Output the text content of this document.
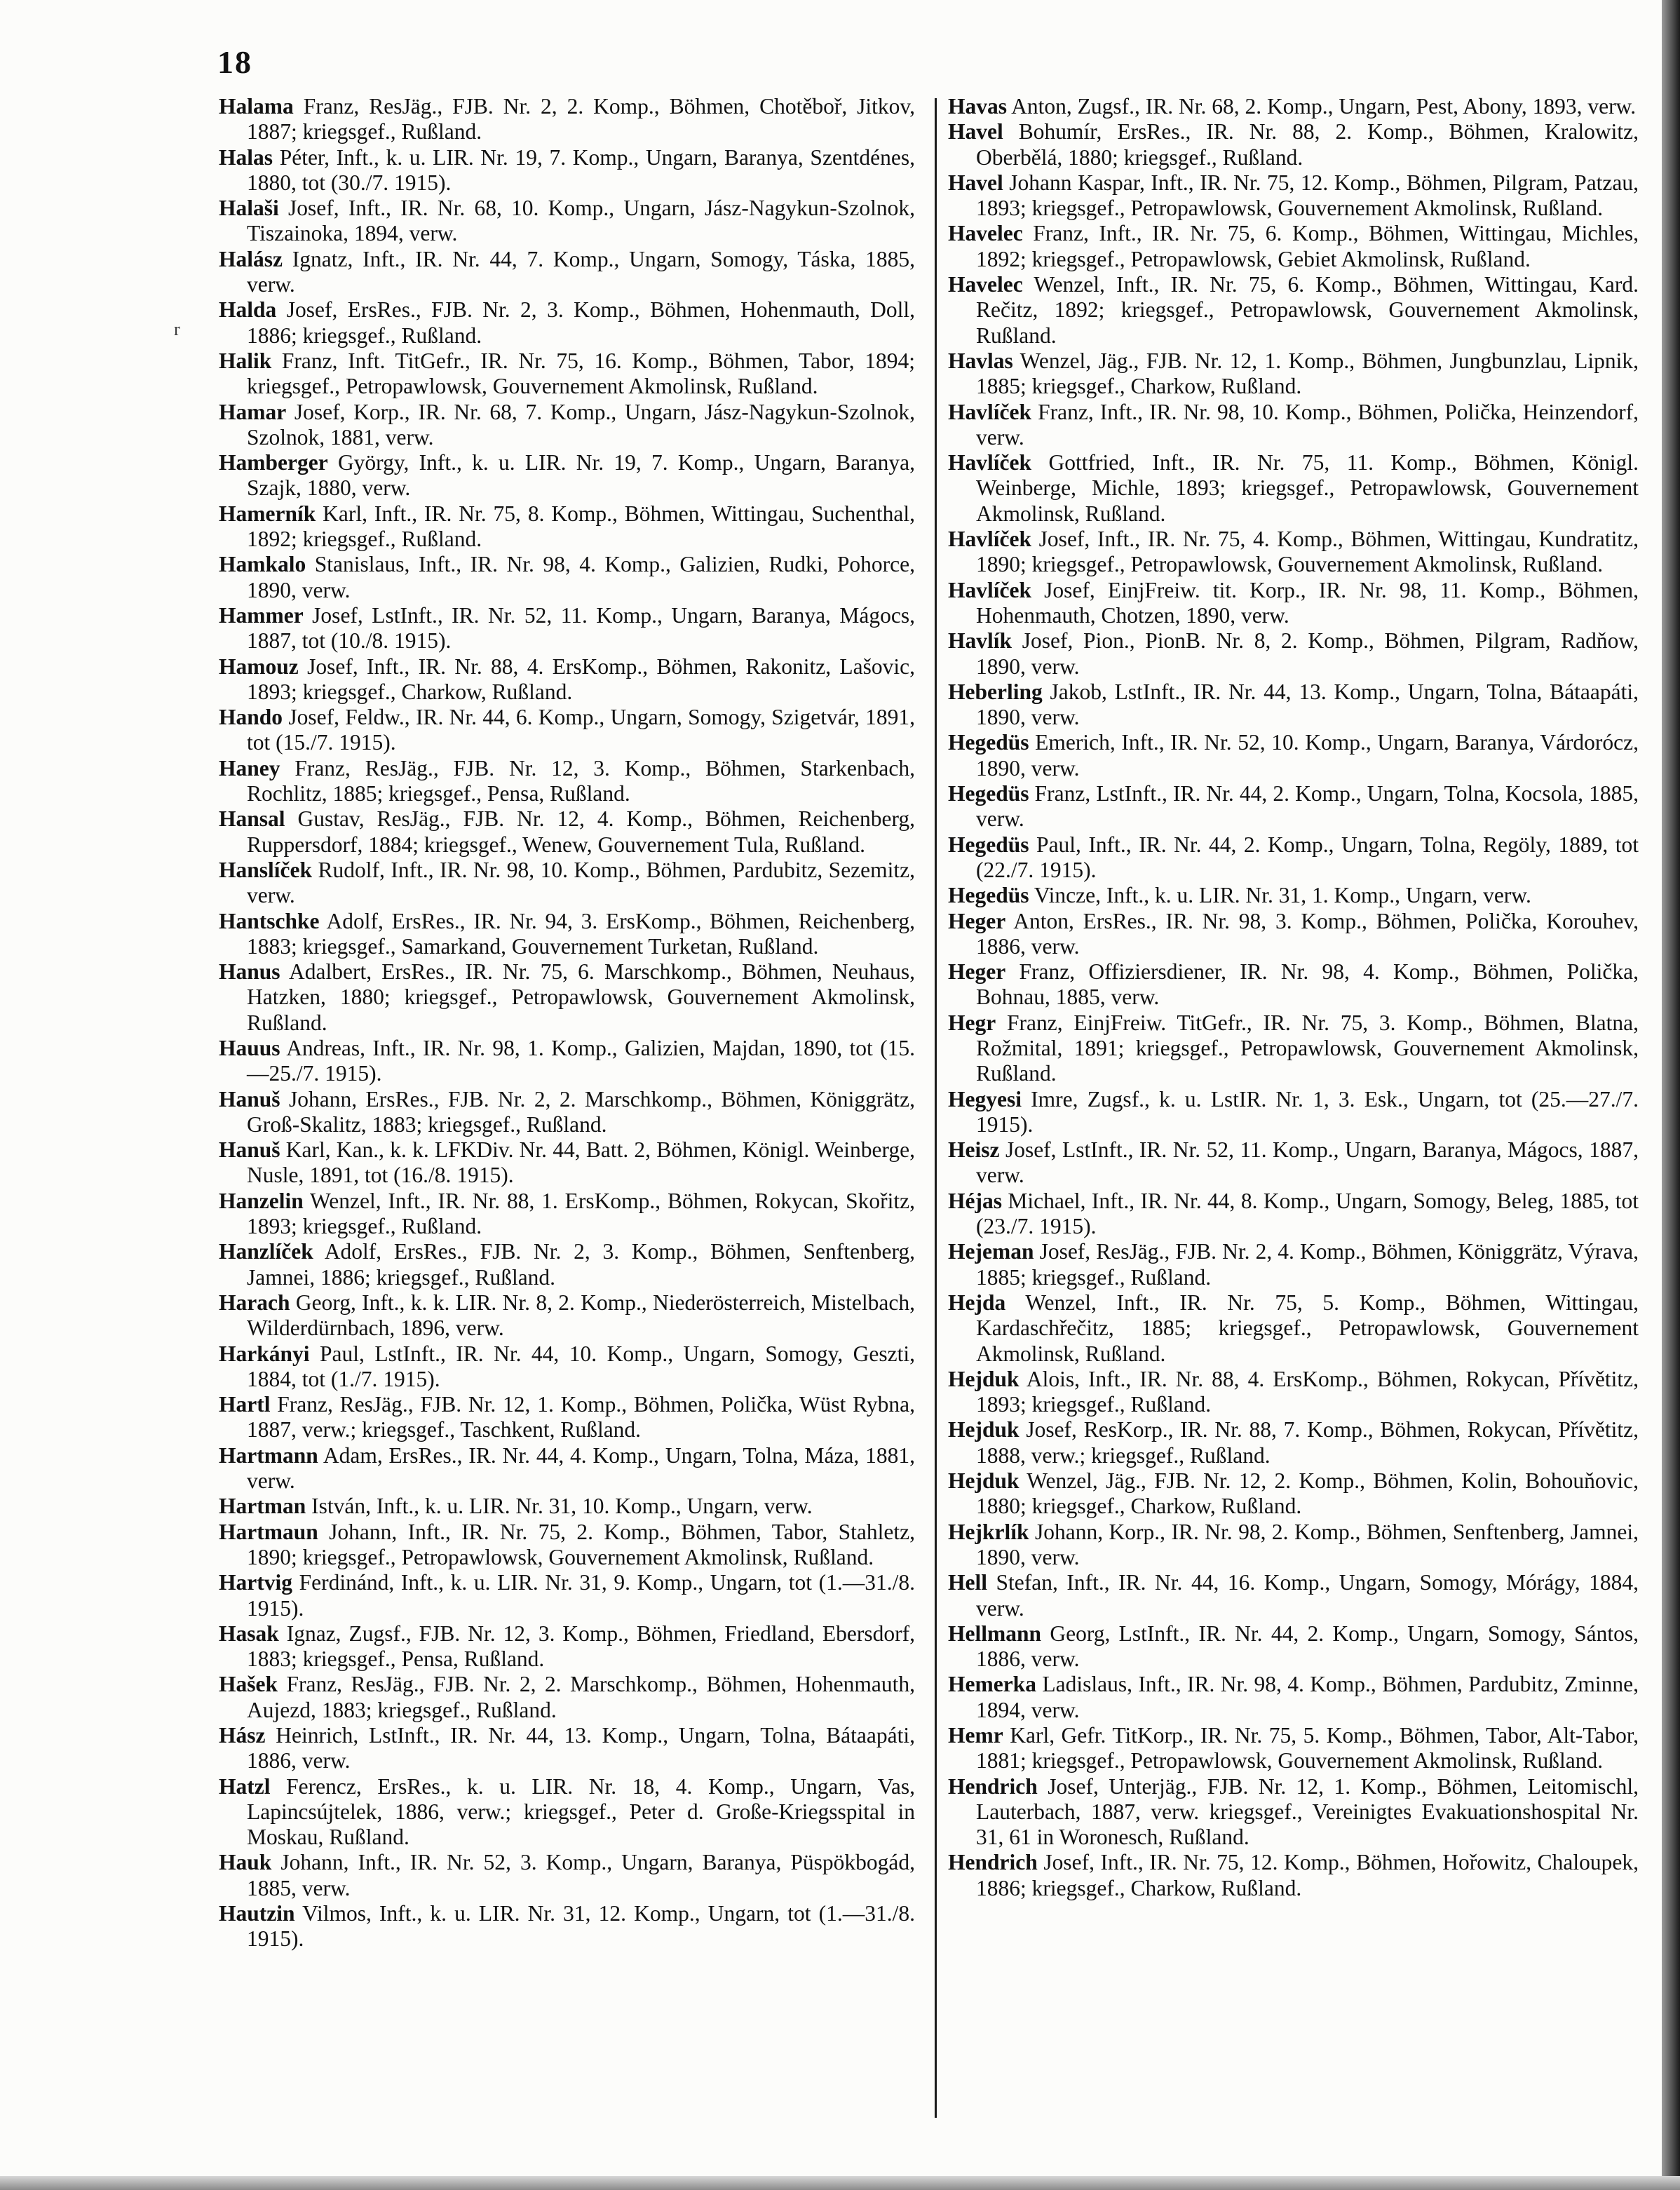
18
r

Halama Franz, ResJäg., FJB. Nr. 2, 2. Komp., Böhmen, Chotěboř, Jitkov, 1887; kriegsgef., Rußland.

Halas Péter, Inft., k. u. LIR. Nr. 19, 7. Komp., Ungarn, Baranya, Szentdénes, 1880, tot (30./7. 1915).

Halaši Josef, Inft., IR. Nr. 68, 10. Komp., Ungarn, Jász-Nagykun-Szolnok, Tiszainoka, 1894, verw.

Halász Ignatz, Inft., IR. Nr. 44, 7. Komp., Ungarn, Somogy, Táska, 1885, verw.

Halda Josef, ErsRes., FJB. Nr. 2, 3. Komp., Böhmen, Hohenmauth, Doll, 1886; kriegsgef., Rußland.

Halik Franz, Inft. TitGefr., IR. Nr. 75, 16. Komp., Böhmen, Tabor, 1894; kriegsgef., Petropawlowsk, Gouvernement Akmolinsk, Rußland.

Hamar Josef, Korp., IR. Nr. 68, 7. Komp., Ungarn, Jász-Nagykun-Szolnok, Szolnok, 1881, verw.

Hamberger György, Inft., k. u. LIR. Nr. 19, 7. Komp., Ungarn, Baranya, Szajk, 1880, verw.

Hamerník Karl, Inft., IR. Nr. 75, 8. Komp., Böhmen, Wittingau, Suchenthal, 1892; kriegsgef., Rußland.

Hamkalo Stanislaus, Inft., IR. Nr. 98, 4. Komp., Galizien, Rudki, Pohorce, 1890, verw.

Hammer Josef, LstInft., IR. Nr. 52, 11. Komp., Ungarn, Baranya, Mágocs, 1887, tot (10./8. 1915).

Hamouz Josef, Inft., IR. Nr. 88, 4. ErsKomp., Böhmen, Rakonitz, Lašovic, 1893; kriegsgef., Charkow, Rußland.

Hando Josef, Feldw., IR. Nr. 44, 6. Komp., Ungarn, Somogy, Szigetvár, 1891, tot (15./7. 1915).

Haney Franz, ResJäg., FJB. Nr. 12, 3. Komp., Böhmen, Starkenbach, Rochlitz, 1885; kriegsgef., Pensa, Rußland.

Hansal Gustav, ResJäg., FJB. Nr. 12, 4. Komp., Böhmen, Reichenberg, Ruppersdorf, 1884; kriegsgef., Wenew, Gouvernement Tula, Rußland.

Hanslíček Rudolf, Inft., IR. Nr. 98, 10. Komp., Böhmen, Pardubitz, Sezemitz, verw.

Hantschke Adolf, ErsRes., IR. Nr. 94, 3. ErsKomp., Böhmen, Reichenberg, 1883; kriegsgef., Samarkand, Gouvernement Turketan, Rußland.

Hanus Adalbert, ErsRes., IR. Nr. 75, 6. Marschkomp., Böhmen, Neuhaus, Hatzken, 1880; kriegsgef., Petropawlowsk, Gouvernement Akmolinsk, Rußland.

Hauus Andreas, Inft., IR. Nr. 98, 1. Komp., Galizien, Majdan, 1890, tot (15.—25./7. 1915).

Hanuš Johann, ErsRes., FJB. Nr. 2, 2. Marschkomp., Böhmen, Königgrätz, Groß-Skalitz, 1883; kriegsgef., Rußland.

Hanuš Karl, Kan., k. k. LFKDiv. Nr. 44, Batt. 2, Böhmen, Königl. Weinberge, Nusle, 1891, tot (16./8. 1915).

Hanzelin Wenzel, Inft., IR. Nr. 88, 1. ErsKomp., Böhmen, Rokycan, Skořitz, 1893; kriegsgef., Rußland.

Hanzlíček Adolf, ErsRes., FJB. Nr. 2, 3. Komp., Böhmen, Senftenberg, Jamnei, 1886; kriegsgef., Rußland.

Harach Georg, Inft., k. k. LIR. Nr. 8, 2. Komp., Niederösterreich, Mistelbach, Wilderdürnbach, 1896, verw.

Harkányi Paul, LstInft., IR. Nr. 44, 10. Komp., Ungarn, Somogy, Geszti, 1884, tot (1./7. 1915).

Hartl Franz, ResJäg., FJB. Nr. 12, 1. Komp., Böhmen, Polička, Wüst Rybna, 1887, verw.; kriegsgef., Taschkent, Rußland.

Hartmann Adam, ErsRes., IR. Nr. 44, 4. Komp., Ungarn, Tolna, Máza, 1881, verw.

Hartman István, Inft., k. u. LIR. Nr. 31, 10. Komp., Ungarn, verw.

Hartmaun Johann, Inft., IR. Nr. 75, 2. Komp., Böhmen, Tabor, Stahletz, 1890; kriegsgef., Petropawlowsk, Gouvernement Akmolinsk, Rußland.

Hartvig Ferdinánd, Inft., k. u. LIR. Nr. 31, 9. Komp., Ungarn, tot (1.—31./8. 1915).

Hasak Ignaz, Zugsf., FJB. Nr. 12, 3. Komp., Böhmen, Friedland, Ebersdorf, 1883; kriegsgef., Pensa, Rußland.

Hašek Franz, ResJäg., FJB. Nr. 2, 2. Marschkomp., Böhmen, Hohenmauth, Aujezd, 1883; kriegsgef., Rußland.

Hász Heinrich, LstInft., IR. Nr. 44, 13. Komp., Ungarn, Tolna, Bátaapáti, 1886, verw.

Hatzl Ferencz, ErsRes., k. u. LIR. Nr. 18, 4. Komp., Ungarn, Vas, Lapincsújtelek, 1886, verw.; kriegsgef., Peter d. Große-Kriegsspital in Moskau, Rußland.

Hauk Johann, Inft., IR. Nr. 52, 3. Komp., Ungarn, Baranya, Püspökbogád, 1885, verw.

Hautzin Vilmos, Inft., k. u. LIR. Nr. 31, 12. Komp., Ungarn, tot (1.—31./8. 1915).

Havas Anton, Zugsf., IR. Nr. 68, 2. Komp., Ungarn, Pest, Abony, 1893, verw.

Havel Bohumír, ErsRes., IR. Nr. 88, 2. Komp., Böhmen, Kralowitz, Oberbělá, 1880; kriegsgef., Rußland.

Havel Johann Kaspar, Inft., IR. Nr. 75, 12. Komp., Böhmen, Pilgram, Patzau, 1893; kriegsgef., Petropawlowsk, Gouvernement Akmolinsk, Rußland.

Havelec Franz, Inft., IR. Nr. 75, 6. Komp., Böhmen, Wittingau, Michles, 1892; kriegsgef., Petropawlowsk, Gebiet Akmolinsk, Rußland.

Havelec Wenzel, Inft., IR. Nr. 75, 6. Komp., Böhmen, Wittingau, Kard. Rečitz, 1892; kriegsgef., Petropawlowsk, Gouvernement Akmolinsk, Rußland.

Havlas Wenzel, Jäg., FJB. Nr. 12, 1. Komp., Böhmen, Jungbunzlau, Lipnik, 1885; kriegsgef., Charkow, Rußland.

Havlíček Franz, Inft., IR. Nr. 98, 10. Komp., Böhmen, Polička, Heinzendorf, verw.

Havlíček Gottfried, Inft., IR. Nr. 75, 11. Komp., Böhmen, Königl. Weinberge, Michle, 1893; kriegsgef., Petropawlowsk, Gouvernement Akmolinsk, Rußland.

Havlíček Josef, Inft., IR. Nr. 75, 4. Komp., Böhmen, Wittingau, Kundratitz, 1890; kriegsgef., Petropawlowsk, Gouvernement Akmolinsk, Rußland.

Havlíček Josef, EinjFreiw. tit. Korp., IR. Nr. 98, 11. Komp., Böhmen, Hohenmauth, Chotzen, 1890, verw.

Havlík Josef, Pion., PionB. Nr. 8, 2. Komp., Böhmen, Pilgram, Radňow, 1890, verw.

Heberling Jakob, LstInft., IR. Nr. 44, 13. Komp., Ungarn, Tolna, Bátaapáti, 1890, verw.

Hegedüs Emerich, Inft., IR. Nr. 52, 10. Komp., Ungarn, Baranya, Várdorócz, 1890, verw.

Hegedüs Franz, LstInft., IR. Nr. 44, 2. Komp., Ungarn, Tolna, Kocsola, 1885, verw.

Hegedüs Paul, Inft., IR. Nr. 44, 2. Komp., Ungarn, Tolna, Regöly, 1889, tot (22./7. 1915).

Hegedüs Vincze, Inft., k. u. LIR. Nr. 31, 1. Komp., Ungarn, verw.

Heger Anton, ErsRes., IR. Nr. 98, 3. Komp., Böhmen, Polička, Korouhev, 1886, verw.

Heger Franz, Offiziersdiener, IR. Nr. 98, 4. Komp., Böhmen, Polička, Bohnau, 1885, verw.

Hegr Franz, EinjFreiw. TitGefr., IR. Nr. 75, 3. Komp., Böhmen, Blatna, Rožmital, 1891; kriegsgef., Petropawlowsk, Gouvernement Akmolinsk, Rußland.

Hegyesi Imre, Zugsf., k. u. LstIR. Nr. 1, 3. Esk., Ungarn, tot (25.—27./7. 1915).

Heisz Josef, LstInft., IR. Nr. 52, 11. Komp., Ungarn, Baranya, Mágocs, 1887, verw.

Héjas Michael, Inft., IR. Nr. 44, 8. Komp., Ungarn, Somogy, Beleg, 1885, tot (23./7. 1915).

Hejeman Josef, ResJäg., FJB. Nr. 2, 4. Komp., Böhmen, Königgrätz, Výrava, 1885; kriegsgef., Rußland.

Hejda Wenzel, Inft., IR. Nr. 75, 5. Komp., Böhmen, Wittingau, Kardaschřečitz, 1885; kriegsgef., Petropawlowsk, Gouvernement Akmolinsk, Rußland.

Hejduk Alois, Inft., IR. Nr. 88, 4. ErsKomp., Böhmen, Rokycan, Přívětitz, 1893; kriegsgef., Rußland.

Hejduk Josef, ResKorp., IR. Nr. 88, 7. Komp., Böhmen, Rokycan, Přívětitz, 1888, verw.; kriegsgef., Rußland.

Hejduk Wenzel, Jäg., FJB. Nr. 12, 2. Komp., Böhmen, Kolin, Bohouňovic, 1880; kriegsgef., Charkow, Rußland.

Hejkrlík Johann, Korp., IR. Nr. 98, 2. Komp., Böhmen, Senftenberg, Jamnei, 1890, verw.

Hell Stefan, Inft., IR. Nr. 44, 16. Komp., Ungarn, Somogy, Mórágy, 1884, verw.

Hellmann Georg, LstInft., IR. Nr. 44, 2. Komp., Ungarn, Somogy, Sántos, 1886, verw.

Hemerka Ladislaus, Inft., IR. Nr. 98, 4. Komp., Böhmen, Pardubitz, Zminne, 1894, verw.

Hemr Karl, Gefr. TitKorp., IR. Nr. 75, 5. Komp., Böhmen, Tabor, Alt-Tabor, 1881; kriegsgef., Petropawlowsk, Gouvernement Akmolinsk, Rußland.

Hendrich Josef, Unterjäg., FJB. Nr. 12, 1. Komp., Böhmen, Leitomischl, Lauterbach, 1887, verw. kriegsgef., Vereinigtes Evakuationshospital Nr. 31, 61 in Woronesch, Rußland.

Hendrich Josef, Inft., IR. Nr. 75, 12. Komp., Böhmen, Hořowitz, Chaloupek, 1886; kriegsgef., Charkow, Rußland.
